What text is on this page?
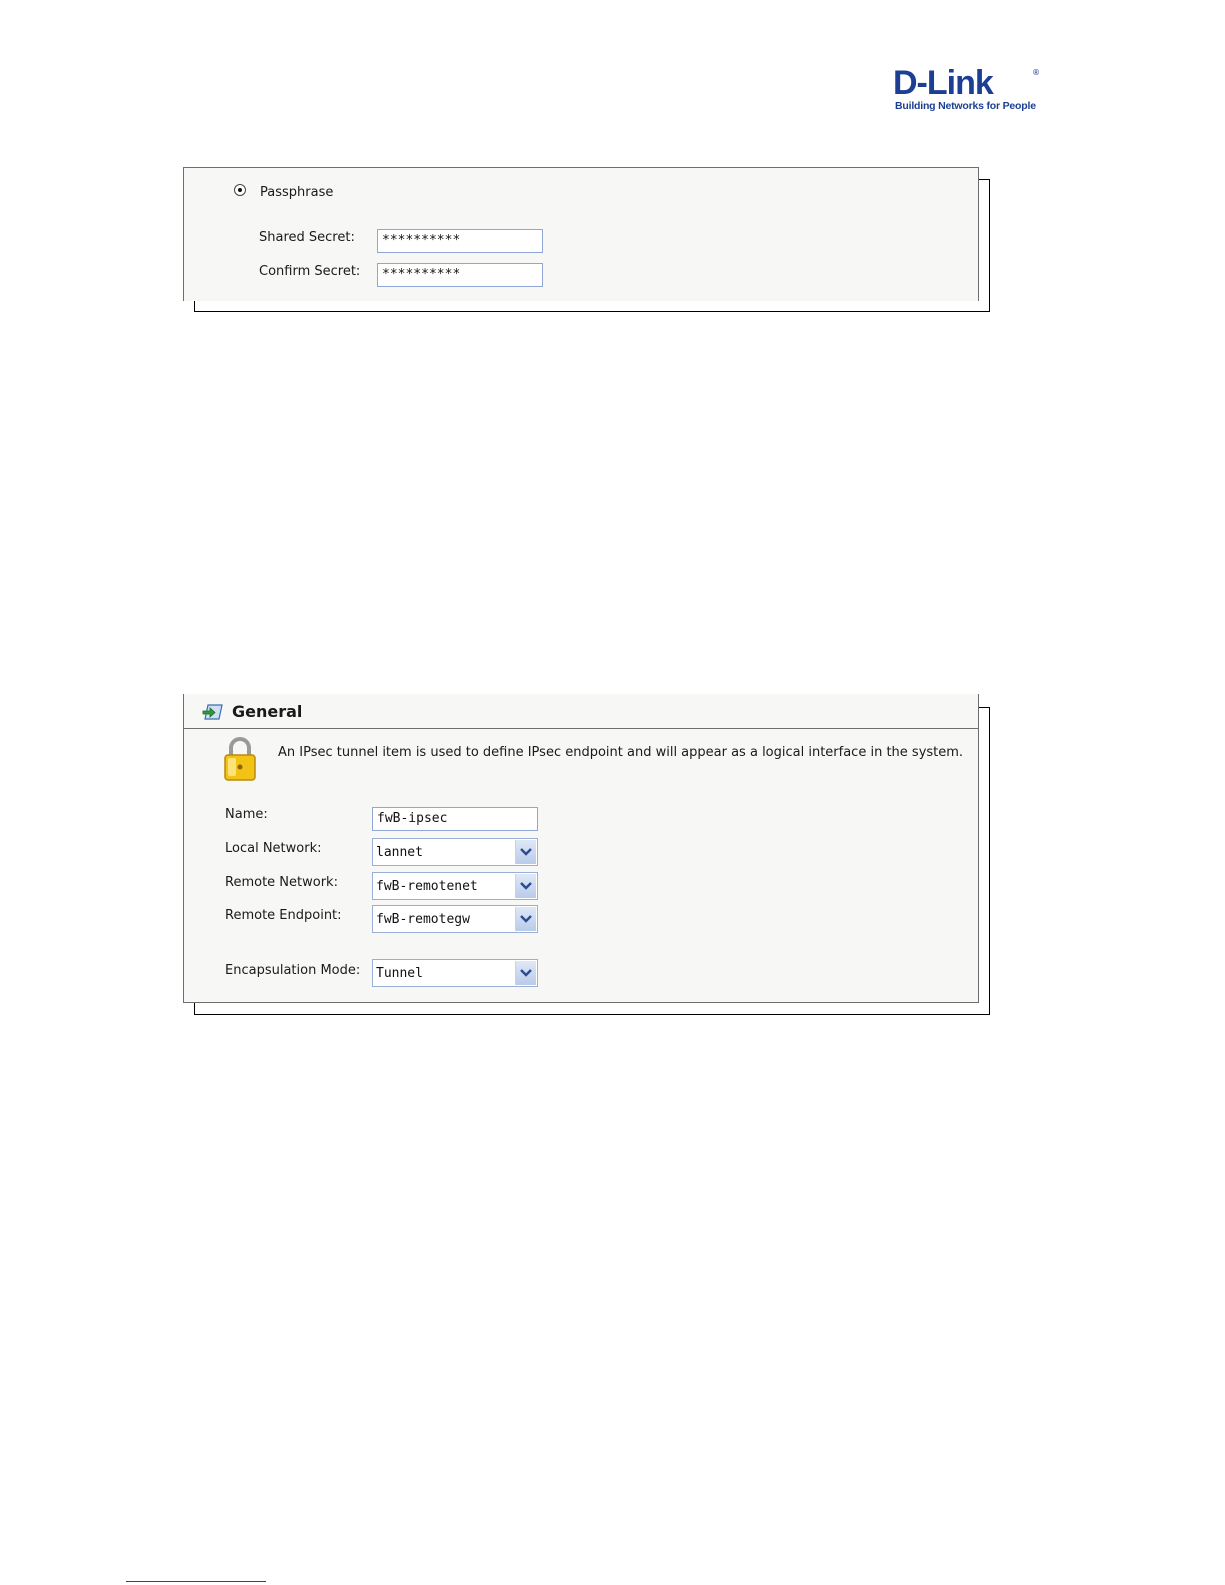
D-Link	®
Building Networks for People
Passphrase
Shared Secret:	**********
Confirm Secret:	**********
General
An IPsec tunnel item is used to define IPsec endpoint and will appear as a logical interface in the system.
Name:	fwB-ipsec
Local Network:	lannet
Remote Network:	fwB-remotenet
Remote Endpoint:	fwB-remotegw
Encapsulation Mode: Tunnel
